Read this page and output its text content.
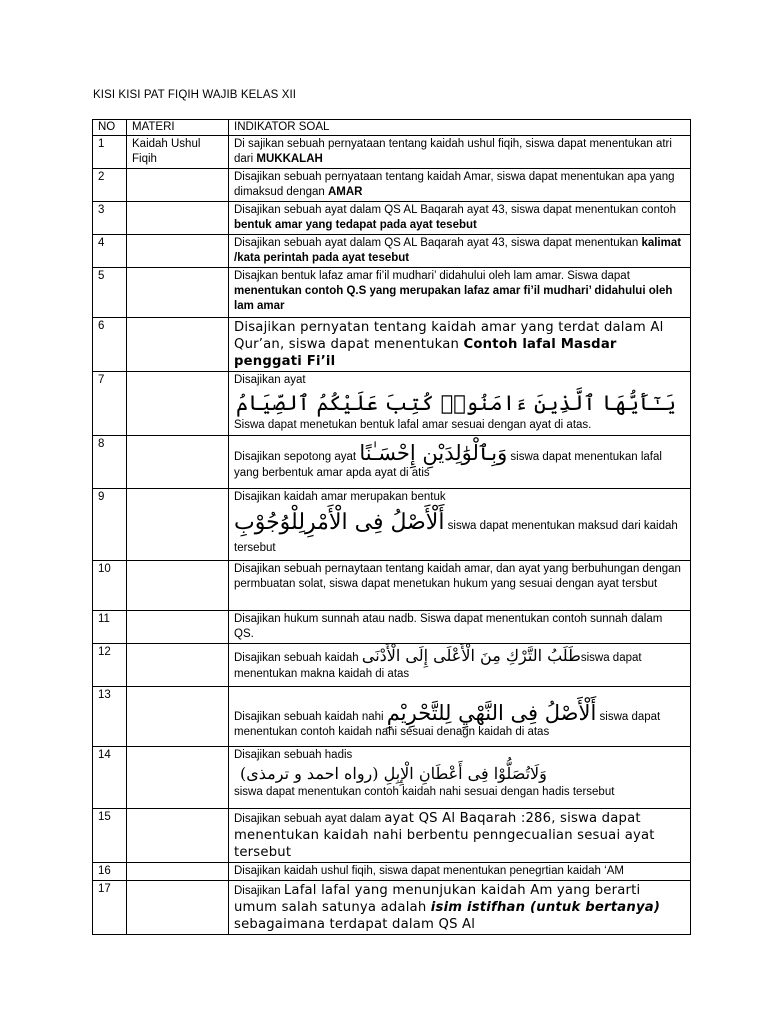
KISI KISI PAT FIQIH WAJIB KELAS XII
NO	MATERI	INDIKATOR SOAL
1	Kaidah Ushul Fiqih	Di sajikan sebuah pernyataan tentang kaidah ushul fiqih, siswa dapat menentukan atri dari MUKKALAH
2		Disajikan sebuah pernyataan tentang kaidah Amar, siswa dapat menentukan apa yang dimaksud dengan AMAR
3		Disajikan sebuah ayat dalam QS AL Baqarah ayat 43, siswa dapat menentukan contoh bentuk amar yang tedapat pada ayat tesebut
4		Disajikan sebuah ayat dalam QS AL Baqarah ayat 43, siswa dapat menentukan kalimat /kata perintah pada ayat tesebut
5		Disajkan bentuk lafaz amar fi’il mudhari’ didahului oleh lam amar. Siswa dapat menentukan contoh Q.S yang merupakan lafaz amar fi’il mudhari’ didahului oleh lam amar
6		Disajikan pernyatan tentang kaidah amar yang terdat dalam Al Qur’an, siswa dapat menentukan Contoh lafal Masdar penggati Fi’il
7		Disajikan ayat
يَـٰٓأَيُّهَا ٱلَّذِينَ ءَامَنُوا۟ كُتِبَ عَلَيْكُمُ ٱلصِّيَامُ
Siswa dapat menetukan bentuk lafal amar sesuai dengan ayat di atas.

8		Disajikan sepotong ayat وَبِٱلْوَٰلِدَيْنِ إِحْسَـٰنًا siswa dapat menentukan lafal yang berbentuk amar apda ayat di atis
9		Disajikan kaidah amar merupakan bentuk
أَلْأَصْلُ فِى الْأَمْرِلِلْوُجُوْبِ siswa dapat menentukan maksud dari kaidah tersebut
10		Disajikan sebuah pernaytaan tentang kaidah amar, dan ayat yang berbuhungan dengan permbuatan solat, siswa dapat menetukan hukum yang sesuai dengan ayat tersbut
11		Disajikan hukum sunnah atau nadb. Siswa dapat menentukan contoh sunnah dalam QS.
12		Disajikan sebuah kaidah طَلَبُ التَّرْكِ مِنَ الْأَعْلَى إِلَى الْأَدْنَىsiswa dapat menentukan makna kaidah di atas
13		Disajikan sebuah kaidah nahi أَلْأَصْلُ فِى النَّهْيِ لِلتَّحْرِيْمِ siswa dapat menentukan contoh kaidah nahi sesuai denagn kaidah di atas
14		Disajikan sebuah hadis
وَلَاتُصَلُّوْا فِى أَعْطَانِ الْإِبِلِ (رواه احمد و ترمذى)
siswa dapat menentukan contoh kaidah nahi sesuai dengan hadis tersebut

15		Disajikan sebuah ayat dalam ayat QS Al Baqarah :286, siswa dapat menentukan kaidah nahi berbentu penngecualian sesuai ayat tersebut
16		Disajikan kaidah ushul fiqih, siswa dapat menentukan penegrtian kaidah ‘AM
17		Disajikan Lafal lafal yang menunjukan kaidah Am yang berarti umum salah satunya adalah isim istifhan (untuk bertanya) sebagaimana terdapat dalam QS Al
